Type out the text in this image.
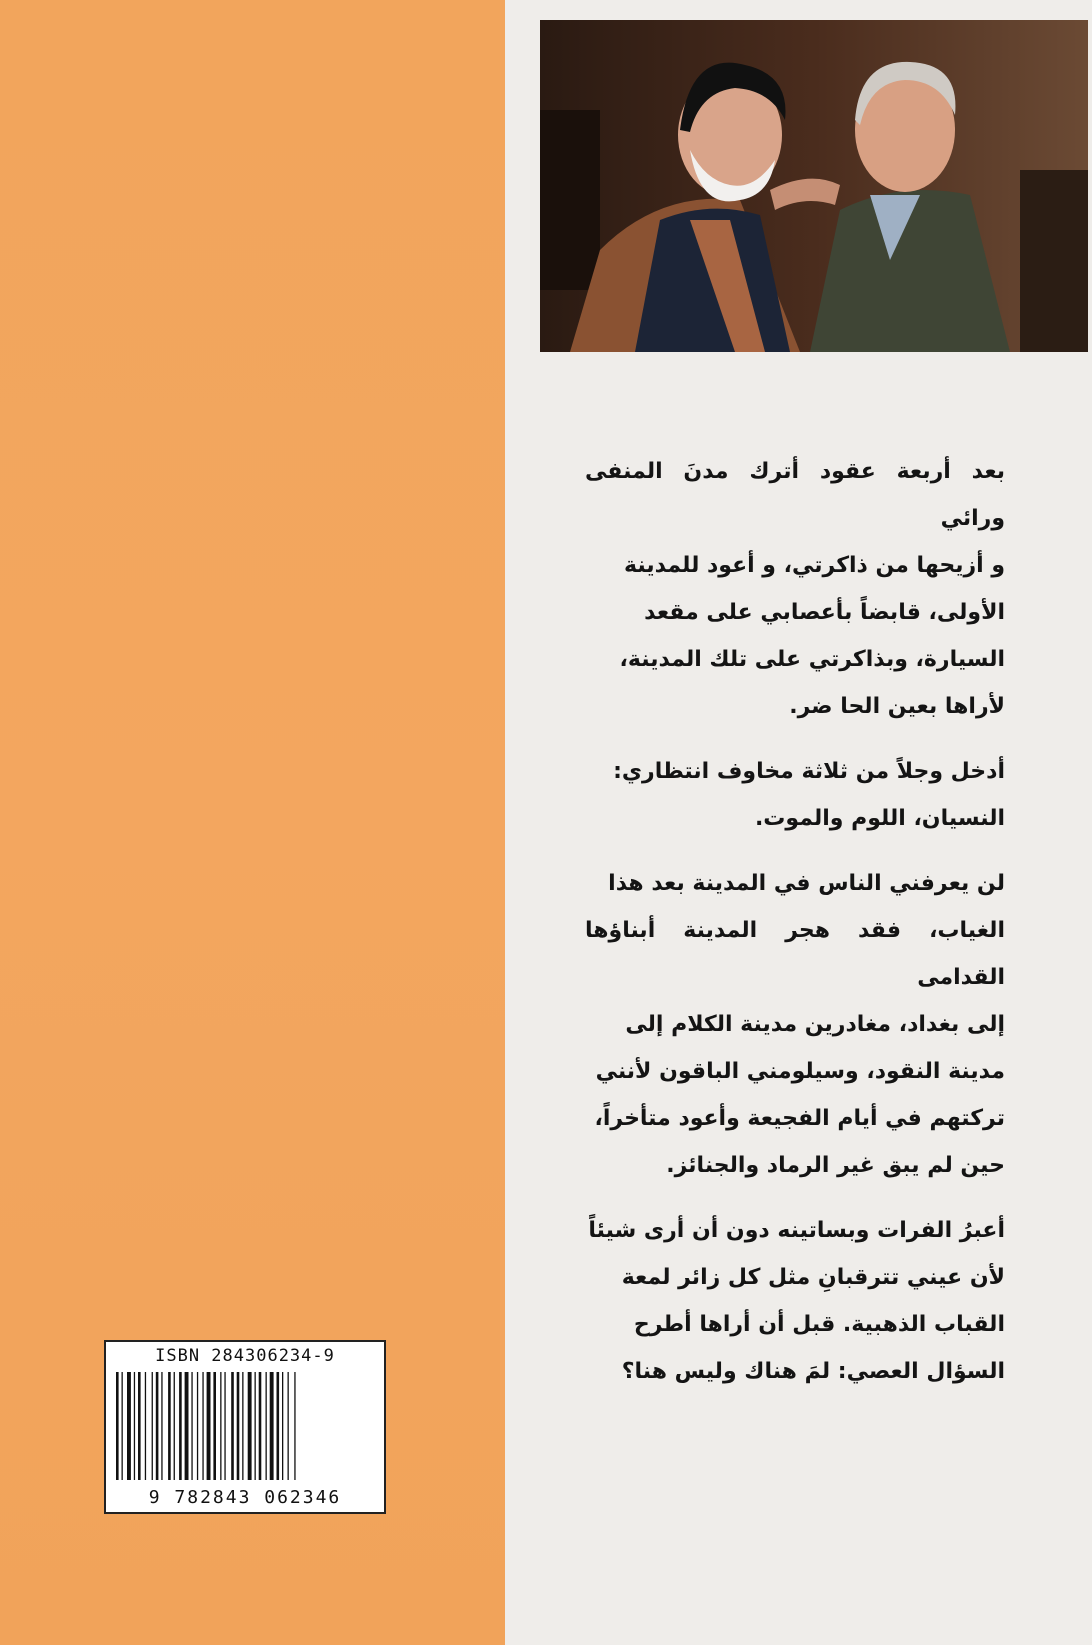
بعد أربعة عقود أترك مدنَ المنفى ورائي
و أزيحها من ذاكرتي، و أعود للمدينة
الأولى، قابضاً بأعصابي على مقعد
السيارة، وبذاكرتي على تلك المدينة،
لأراها بعين الحا ضر.

أدخل وجلاً من ثلاثة مخاوف انتظاري:
النسيان، اللوم والموت.

لن يعرفني الناس في المدينة بعد هذا
الغياب، فقد هجر المدينة أبناؤها القدامى
إلى بغداد، مغادرين مدينة الكلام إلى
مدينة النقود، وسيلومني الباقون لأنني
تركتهم في أيام الفجيعة وأعود متأخراً،
حين لم يبق غير الرماد والجنائز.

أعبرُ الفرات وبساتينه دون أن أرى شيئاً
لأن عيني تترقبانِ مثل كل زائر لمعة
القباب الذهبية. قبل أن أراها أطرح
السؤال العصي: لمَ هناك وليس هنا؟

ISBN 284306234-9
9 782843 062346
